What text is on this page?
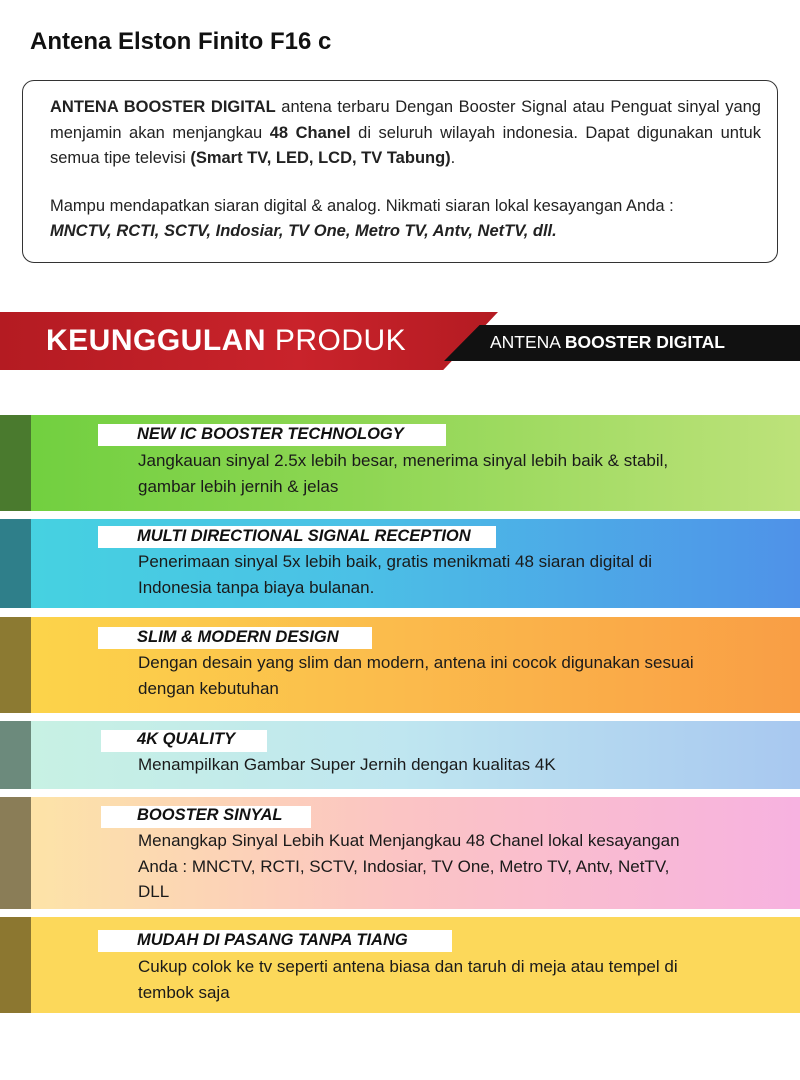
Antena Elston Finito F16 c

ANTENA BOOSTER DIGITAL antena terbaru Dengan Booster Signal atau Penguat sinyal yang menjamin akan menjangkau 48 Chanel di seluruh wilayah indonesia. Dapat digunakan untuk semua tipe televisi (Smart TV, LED, LCD, TV Tabung).

Mampu mendapatkan siaran digital & analog. Nikmati siaran lokal kesayangan Anda :
MNCTV, RCTI, SCTV, Indosiar, TV One, Metro TV, Antv, NetTV, dll.

KEUNGGULAN PRODUK	ANTENA BOOSTER DIGITAL
NEW IC BOOSTER TECHNOLOGY
Jangkauan sinyal 2.5x lebih besar, menerima sinyal lebih baik & stabil, gambar lebih jernih & jelas
MULTI DIRECTIONAL SIGNAL RECEPTION
Penerimaan sinyal 5x lebih baik, gratis menikmati 48 siaran digital di Indonesia tanpa biaya bulanan.
SLIM & MODERN DESIGN
Dengan desain yang slim dan modern, antena ini cocok digunakan sesuai dengan kebutuhan
4K QUALITY
Menampilkan Gambar Super Jernih dengan kualitas 4K
BOOSTER SINYAL
Menangkap Sinyal Lebih Kuat Menjangkau 48 Chanel lokal kesayangan Anda : MNCTV, RCTI, SCTV, Indosiar, TV One, Metro TV, Antv, NetTV, DLL
MUDAH DI PASANG TANPA TIANG
Cukup colok ke tv seperti antena biasa dan taruh di meja atau tempel di tembok saja
